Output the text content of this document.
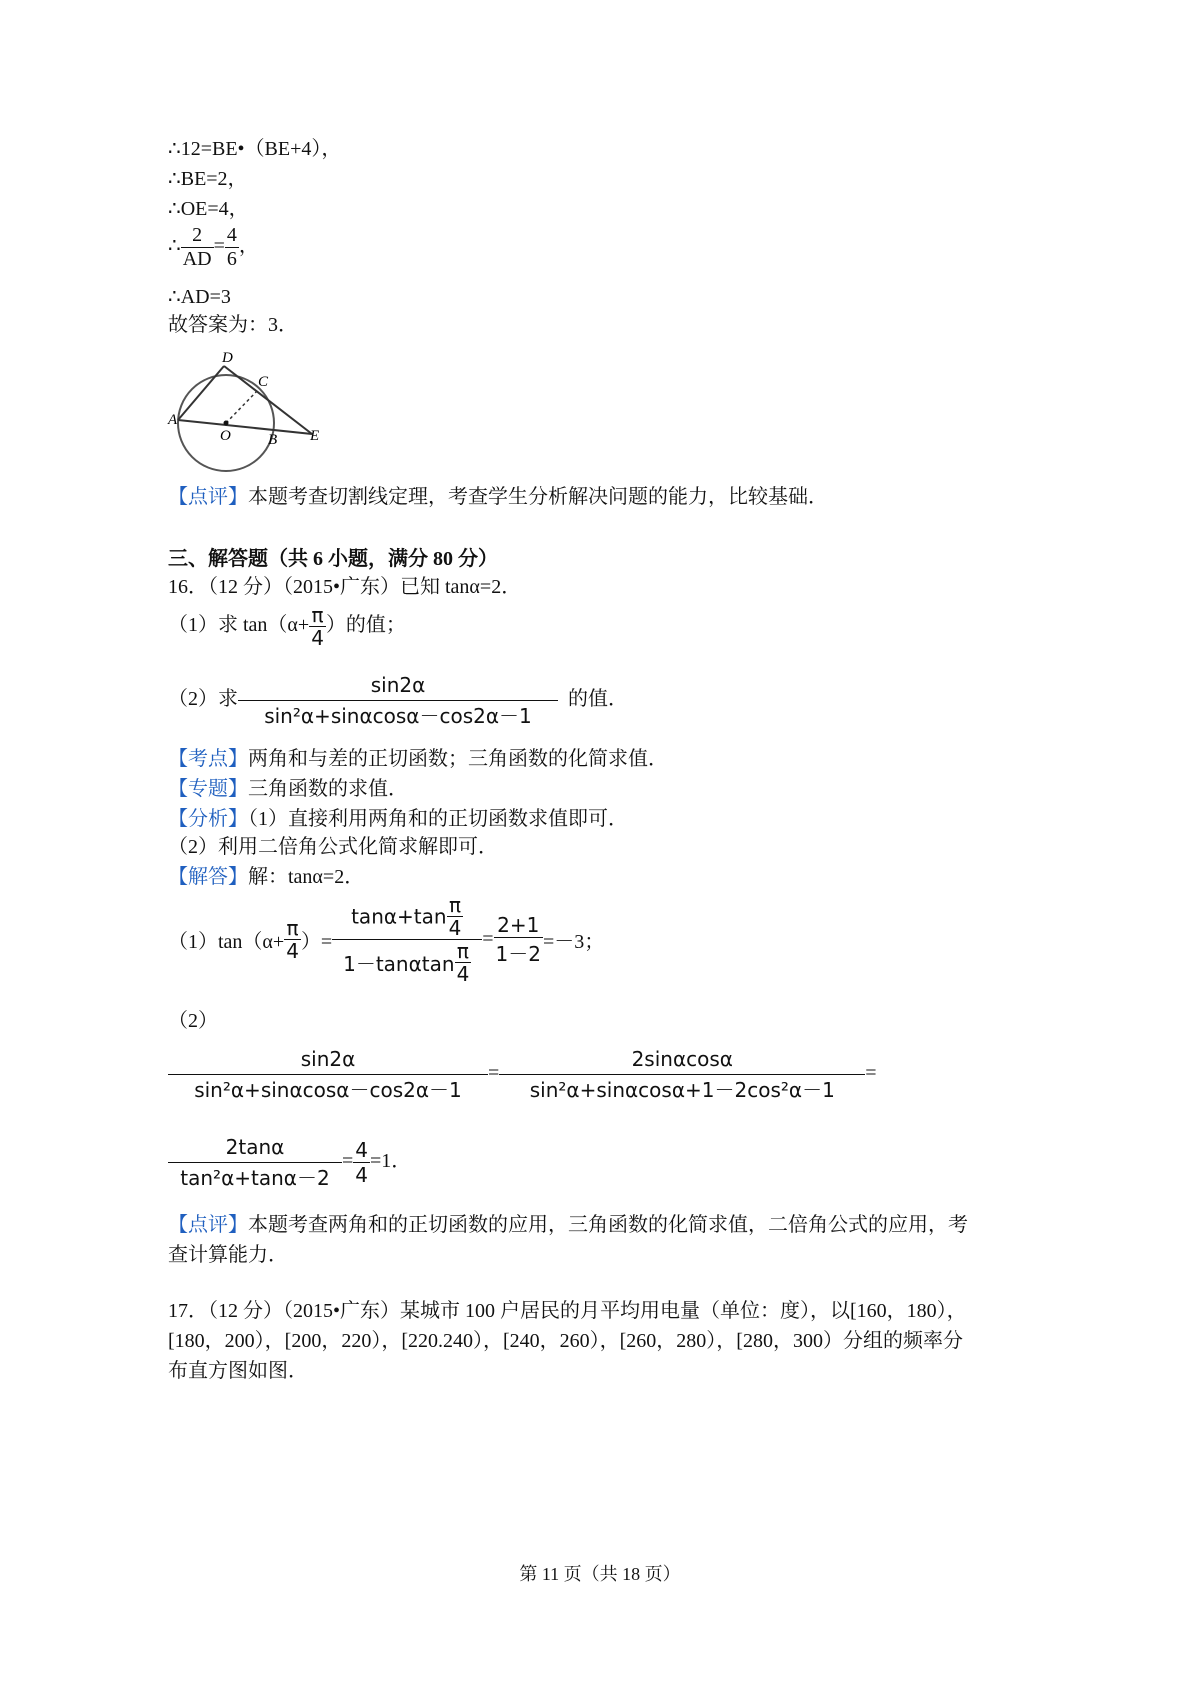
∴12=BE•（BE+4），
∴BE=2，
∴OE=4，
∴ $\frac{2}{AD} = \frac{4}{6}$ ，
∴AD=3
故答案为：3．
A
D
C
O B E
【点评】本题考查切割线定理，考查学生分析解决问题的能力，比较基础．
三、解答题（共 6 小题，满分 80 分）
16．（12 分）（2015•广东）已知 tanα=2．
（1）求 $\tan(\alpha+ \frac{\pi}{4}$ ）的值；
（2）求 $\frac{\sin 2\alpha}{\text{sin²α+sinαcosα－cos2α－1}}$ 的值．
【考点】两角和与差的正切函数；三角函数的化简求值．
【专题】三角函数的求值．
【分析】（1）直接利用两角和的正切函数求值即可．
（2）利用二倍角公式化简求解即可．
【解答】解：tanα=2．
$(1)\tan(\alpha+ \frac{\pi}{4}$ ）= $\frac{\tan\alpha+\tan \frac{\pi}{4}}{1-\tan\alpha\tan \frac{\pi}{4}} = \frac{2+1}{1-2} =-3$；
（2）
$\frac{\sin 2\alpha}{\text{sin²α+sinαcosα－cos2α－1}} = \frac{2\sin\alpha\cos\alpha}{\text{sin²α+sinαcosα+1－2cos²α－1}}$ =
$\frac{2\tan\alpha}{\text{tan²α+tanα－2}} = \frac{4}{4} =1$．
【点评】本题考查两角和的正切函数的应用，三角函数的化简求值，二倍角公式的应用，考
查计算能力．
17．（12 分）（2015•广东）某城市 100 户居民的月平均用电量（单位：度），以[160，180），
[180，200），[200，220），[220.240），[240，260），[260，280），[280，300）分组的频率分
布直方图如图．
第 11 页（共 18 页）
